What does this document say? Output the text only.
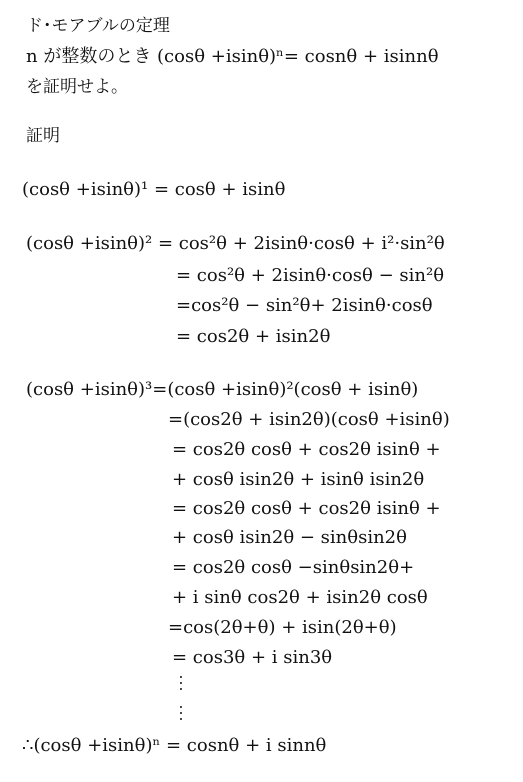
ド･モアブルの定理
n が整数のとき (cosθ +isinθ)ⁿ= cosnθ + isinnθ
を証明せよ。
証明
(cosθ +isinθ)¹ = cosθ + isinθ
(cosθ +isinθ)² = cos²θ + 2isinθ·cosθ + i²·sin²θ
= cos²θ + 2isinθ·cosθ − sin²θ
=cos²θ − sin²θ+ 2isinθ·cosθ
= cos2θ + isin2θ
(cosθ +isinθ)³=(cosθ +isinθ)²(cosθ + isinθ)
=(cos2θ + isin2θ)(cosθ +isinθ)
= cos2θ cosθ + cos2θ isinθ +
+ cosθ isin2θ + isinθ isin2θ
= cos2θ cosθ + cos2θ isinθ +
+ cosθ isin2θ − sinθsin2θ
= cos2θ cosθ −sinθsin2θ+
+ i sinθ cos2θ + isin2θ cosθ
=cos(2θ+θ) + isin(2θ+θ)
= cos3θ + i sin3θ
︙
︙
∴(cosθ +isinθ)ⁿ = cosnθ + i sinnθ
